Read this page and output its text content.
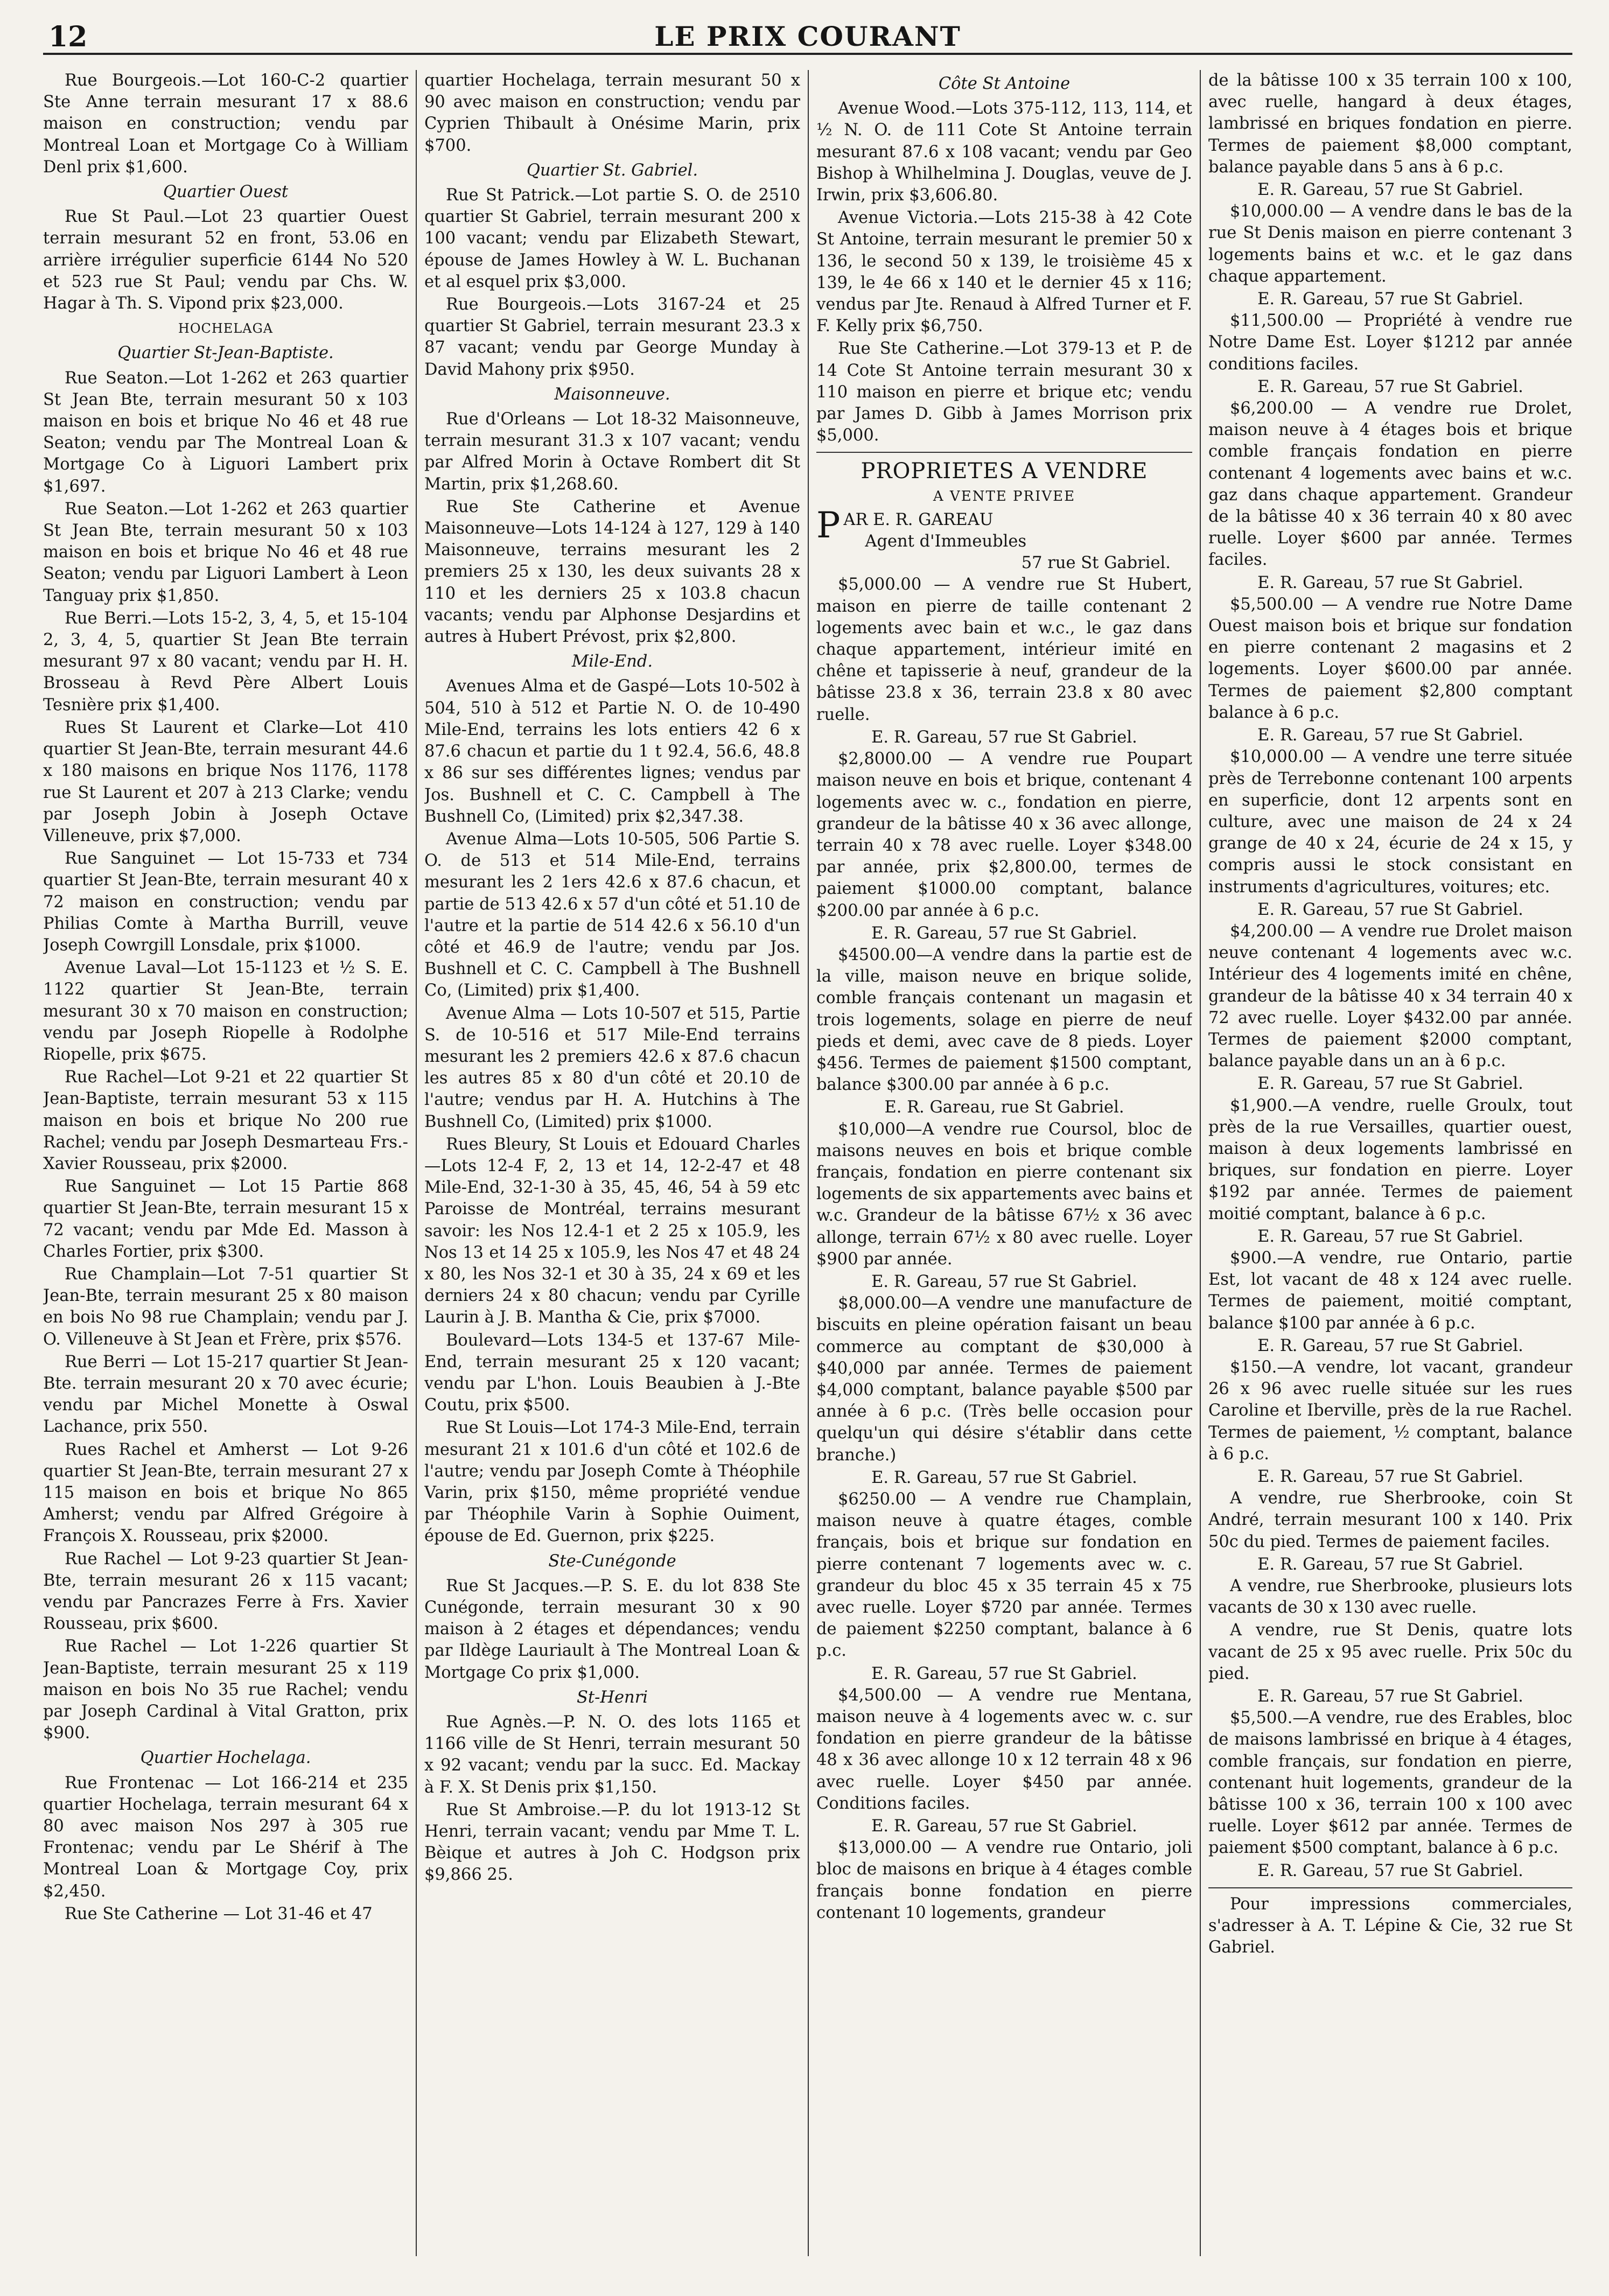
12	LE PRIX COURANT

Rue Bourgeois.—Lot 160-C-2 quartier Ste Anne terrain mesurant 17 x 88.6 maison en construction; vendu par Montreal Loan et Mortgage Co à William Denl prix $1,600.

Quartier Ouest

Rue St Paul.—Lot 23 quartier Ouest terrain mesurant 52 en front, 53.06 en arrière irrégulier superficie 6144 No 520 et 523 rue St Paul; vendu par Chs. W. Hagar à Th. S. Vipond prix $23,000.

HOCHELAGA

Quartier St-Jean-Baptiste.

Rue Seaton.—Lot 1-262 et 263 quartier St Jean Bte, terrain mesurant 50 x 103 maison en bois et brique No 46 et 48 rue Seaton; vendu par The Montreal Loan & Mortgage Co à Liguori Lambert prix $1,697.

Rue Seaton.—Lot 1-262 et 263 quartier St Jean Bte, terrain mesurant 50 x 103 maison en bois et brique No 46 et 48 rue Seaton; vendu par Liguori Lambert à Leon Tanguay prix $1,850.

Rue Berri.—Lots 15-2, 3, 4, 5, et 15-104 2, 3, 4, 5, quartier St Jean Bte terrain mesurant 97 x 80 vacant; vendu par H. H. Brosseau à Revd Père Albert Louis Tesnière prix $1,400.

Rues St Laurent et Clarke—Lot 410 quartier St Jean-Bte, terrain mesurant 44.6 x 180 maisons en brique Nos 1176, 1178 rue St Laurent et 207 à 213 Clarke; vendu par Joseph Jobin à Joseph Octave Villeneuve, prix $7,000.

Rue Sanguinet — Lot 15-733 et 734 quartier St Jean-Bte, terrain mesurant 40 x 72 maison en construction; vendu par Philias Comte à Martha Burrill, veuve Joseph Cowrgill Lonsdale, prix $1000.

Avenue Laval—Lot 15-1123 et ½ S. E. 1122 quartier St Jean-Bte, terrain mesurant 30 x 70 maison en construction; vendu par Joseph Riopelle à Rodolphe Riopelle, prix $675.

Rue Rachel—Lot 9-21 et 22 quartier St Jean-Baptiste, terrain mesurant 53 x 115 maison en bois et brique No 200 rue Rachel; vendu par Joseph Desmarteau Frs.-Xavier Rousseau, prix $2000.

Rue Sanguinet — Lot 15 Partie 868 quartier St Jean-Bte, terrain mesurant 15 x 72 vacant; vendu par Mde Ed. Masson à Charles Fortier, prix $300.

Rue Champlain—Lot 7-51 quartier St Jean-Bte, terrain mesurant 25 x 80 maison en bois No 98 rue Champlain; vendu par J. O. Villeneuve à St Jean et Frère, prix $576.

Rue Berri — Lot 15-217 quartier St Jean-Bte. terrain mesurant 20 x 70 avec écurie; vendu par Michel Monette à Oswal Lachance, prix 550.

Rues Rachel et Amherst — Lot 9-26 quartier St Jean-Bte, terrain mesurant 27 x 115 maison en bois et brique No 865 Amherst; vendu par Alfred Grégoire à François X. Rousseau, prix $2000.

Rue Rachel — Lot 9-23 quartier St Jean-Bte, terrain mesurant 26 x 115 vacant; vendu par Pancrazes Ferre à Frs. Xavier Rousseau, prix $600.

Rue Rachel — Lot 1-226 quartier St Jean-Baptiste, terrain mesurant 25 x 119 maison en bois No 35 rue Rachel; vendu par Joseph Cardinal à Vital Gratton, prix $900.

Quartier Hochelaga.

Rue Frontenac — Lot 166-214 et 235 quartier Hochelaga, terrain mesurant 64 x 80 avec maison Nos 297 à 305 rue Frontenac; vendu par Le Shérif à The Montreal Loan & Mortgage Coy, prix $2,450.

Rue Ste Catherine — Lot 31-46 et 47

quartier Hochelaga, terrain mesurant 50 x 90 avec maison en construction; vendu par Cyprien Thibault à Onésime Marin, prix $700.

Quartier St. Gabriel.

Rue St Patrick.—Lot partie S. O. de 2510 quartier St Gabriel, terrain mesurant 200 x 100 vacant; vendu par Elizabeth Stewart, épouse de James Howley à W. L. Buchanan et al esquel prix $3,000.

Rue Bourgeois.—Lots 3167-24 et 25 quartier St Gabriel, terrain mesurant 23.3 x 87 vacant; vendu par George Munday à David Mahony prix $950.

Maisonneuve.

Rue d'Orleans — Lot 18-32 Maisonneuve, terrain mesurant 31.3 x 107 vacant; vendu par Alfred Morin à Octave Rombert dit St Martin, prix $1,268.60.

Rue Ste Catherine et Avenue Maisonneuve—Lots 14-124 à 127, 129 à 140 Maisonneuve, terrains mesurant les 2 premiers 25 x 130, les deux suivants 28 x 110 et les derniers 25 x 103.8 chacun vacants; vendu par Alphonse Desjardins et autres à Hubert Prévost, prix $2,800.

Mile-End.

Avenues Alma et de Gaspé—Lots 10-502 à 504, 510 à 512 et Partie N. O. de 10-490 Mile-End, terrains les lots entiers 42 6 x 87.6 chacun et partie du 1 t 92.4, 56.6, 48.8 x 86 sur ses différentes lignes; vendus par Jos. Bushnell et C. C. Campbell à The Bushnell Co, (Limited) prix $2,347.38.

Avenue Alma—Lots 10-505, 506 Partie S. O. de 513 et 514 Mile-End, terrains mesurant les 2 1ers 42.6 x 87.6 chacun, et partie de 513 42.6 x 57 d'un côté et 51.10 de l'autre et la partie de 514 42.6 x 56.10 d'un côté et 46.9 de l'autre; vendu par Jos. Bushnell et C. C. Campbell à The Bushnell Co, (Limited) prix $1,400.

Avenue Alma — Lots 10-507 et 515, Partie S. de 10-516 et 517 Mile-End terrains mesurant les 2 premiers 42.6 x 87.6 chacun les autres 85 x 80 d'un côté et 20.10 de l'autre; vendus par H. A. Hutchins à The Bushnell Co, (Limited) prix $1000.

Rues Bleury, St Louis et Edouard Charles—Lots 12-4 F, 2, 13 et 14, 12-2-47 et 48 Mile-End, 32-1-30 à 35, 45, 46, 54 à 59 etc Paroisse de Montréal, terrains mesurant savoir: les Nos 12.4-1 et 2 25 x 105.9, les Nos 13 et 14 25 x 105.9, les Nos 47 et 48 24 x 80, les Nos 32-1 et 30 à 35, 24 x 69 et les derniers 24 x 80 chacun; vendu par Cyrille Laurin à J. B. Mantha & Cie, prix $7000.

Boulevard—Lots 134-5 et 137-67 Mile-End, terrain mesurant 25 x 120 vacant; vendu par L'hon. Louis Beaubien à J.-Bte Coutu, prix $500.

Rue St Louis—Lot 174-3 Mile-End, terrain mesurant 21 x 101.6 d'un côté et 102.6 de l'autre; vendu par Joseph Comte à Théophile Varin, prix $150, même propriété vendue par Théophile Varin à Sophie Ouiment, épouse de Ed. Guernon, prix $225.

Ste-Cunégonde

Rue St Jacques.—P. S. E. du lot 838 Ste Cunégonde, terrain mesurant 30 x 90 maison à 2 étages et dépendances; vendu par Ildège Lauriault à The Montreal Loan & Mortgage Co prix $1,000.

St-Henri

Rue Agnès.—P. N. O. des lots 1165 et 1166 ville de St Henri, terrain mesurant 50 x 92 vacant; vendu par la succ. Ed. Mackay à F. X. St Denis prix $1,150.

Rue St Ambroise.—P. du lot 1913-12 St Henri, terrain vacant; vendu par Mme T. L. Bèique et autres à Joh C. Hodgson prix $9,866 25.

Côte St Antoine

Avenue Wood.—Lots 375-112, 113, 114, et ½ N. O. de 111 Cote St Antoine terrain mesurant 87.6 x 108 vacant; vendu par Geo Bishop à Whilhelmina J. Douglas, veuve de J. Irwin, prix $3,606.80.

Avenue Victoria.—Lots 215-38 à 42 Cote St Antoine, terrain mesurant le premier 50 x 136, le second 50 x 139, le troisième 45 x 139, le 4e 66 x 140 et le dernier 45 x 116; vendus par Jte. Renaud à Alfred Turner et F. F. Kelly prix $6,750.

Rue Ste Catherine.—Lot 379-13 et P. de 14 Cote St Antoine terrain mesurant 30 x 110 maison en pierre et brique etc; vendu par James D. Gibb à James Morrison prix $5,000.

PROPRIETES A VENDRE

A VENTE PRIVEE

P AR E. R. GAREAU
Agent d'Immeubles

57 rue St Gabriel.

$5,000.00 — A vendre rue St Hubert, maison en pierre de taille contenant 2 logements avec bain et w.c., le gaz dans chaque appartement, intérieur imité en chêne et tapisserie à neuf, grandeur de la bâtisse 23.8 x 36, terrain 23.8 x 80 avec ruelle.

E. R. Gareau, 57 rue St Gabriel.

$2,8000.00 — A vendre rue Poupart maison neuve en bois et brique, contenant 4 logements avec w. c., fondation en pierre, grandeur de la bâtisse 40 x 36 avec allonge, terrain 40 x 78 avec ruelle. Loyer $348.00 par année, prix $2,800.00, termes de paiement $1000.00 comptant, balance $200.00 par année à 6 p.c.

E. R. Gareau, 57 rue St Gabriel.

$4500.00—A vendre dans la partie est de la ville, maison neuve en brique solide, comble français contenant un magasin et trois logements, solage en pierre de neuf pieds et demi, avec cave de 8 pieds. Loyer $456. Termes de paiement $1500 comptant, balance $300.00 par année à 6 p.c.

E. R. Gareau, rue St Gabriel.

$10,000—A vendre rue Coursol, bloc de maisons neuves en bois et brique comble français, fondation en pierre contenant six logements de six appartements avec bains et w.c. Grandeur de la bâtisse 67½ x 36 avec allonge, terrain 67½ x 80 avec ruelle. Loyer $900 par année.

E. R. Gareau, 57 rue St Gabriel.

$8,000.00—A vendre une manufacture de biscuits en pleine opération faisant un beau commerce au comptant de $30,000 à $40,000 par année. Termes de paiement $4,000 comptant, balance payable $500 par année à 6 p.c. (Très belle occasion pour quelqu'un qui désire s'établir dans cette branche.)

E. R. Gareau, 57 rue St Gabriel.

$6250.00 — A vendre rue Champlain, maison neuve à quatre étages, comble français, bois et brique sur fondation en pierre contenant 7 logements avec w. c. grandeur du bloc 45 x 35 terrain 45 x 75 avec ruelle. Loyer $720 par année. Termes de paiement $2250 comptant, balance à 6 p.c.

E. R. Gareau, 57 rue St Gabriel.

$4,500.00 — A vendre rue Mentana, maison neuve à 4 logements avec w. c. sur fondation en pierre grandeur de la bâtisse 48 x 36 avec allonge 10 x 12 terrain 48 x 96 avec ruelle. Loyer $450 par année. Conditions faciles.

E. R. Gareau, 57 rue St Gabriel.

$13,000.00 — A vendre rue Ontario, joli bloc de maisons en brique à 4 étages comble français bonne fondation en pierre contenant 10 logements, grandeur

de la bâtisse 100 x 35 terrain 100 x 100, avec ruelle, hangard à deux étages, lambrissé en briques fondation en pierre. Termes de paiement $8,000 comptant, balance payable dans 5 ans à 6 p.c.

E. R. Gareau, 57 rue St Gabriel.

$10,000.00 — A vendre dans le bas de la rue St Denis maison en pierre contenant 3 logements bains et w.c. et le gaz dans chaque appartement.

E. R. Gareau, 57 rue St Gabriel.

$11,500.00 — Propriété à vendre rue Notre Dame Est. Loyer $1212 par année conditions faciles.

E. R. Gareau, 57 rue St Gabriel.

$6,200.00 — A vendre rue Drolet, maison neuve à 4 étages bois et brique comble français fondation en pierre contenant 4 logements avec bains et w.c. gaz dans chaque appartement. Grandeur de la bâtisse 40 x 36 terrain 40 x 80 avec ruelle. Loyer $600 par année. Termes faciles.

E. R. Gareau, 57 rue St Gabriel.

$5,500.00 — A vendre rue Notre Dame Ouest maison bois et brique sur fondation en pierre contenant 2 magasins et 2 logements. Loyer $600.00 par année. Termes de paiement $2,800 comptant balance à 6 p.c.

E. R. Gareau, 57 rue St Gabriel.

$10,000.00 — A vendre une terre située près de Terrebonne contenant 100 arpents en superficie, dont 12 arpents sont en culture, avec une maison de 24 x 24 grange de 40 x 24, écurie de 24 x 15, y compris aussi le stock consistant en instruments d'agricultures, voitures; etc.

E. R. Gareau, 57 rue St Gabriel.

$4,200.00 — A vendre rue Drolet maison neuve contenant 4 logements avec w.c. Intérieur des 4 logements imité en chêne, grandeur de la bâtisse 40 x 34 terrain 40 x 72 avec ruelle. Loyer $432.00 par année. Termes de paiement $2000 comptant, balance payable dans un an à 6 p.c.

E. R. Gareau, 57 rue St Gabriel.

$1,900.—A vendre, ruelle Groulx, tout près de la rue Versailles, quartier ouest, maison à deux logements lambrissé en briques, sur fondation en pierre. Loyer $192 par année. Termes de paiement moitié comptant, balance à 6 p.c.

E. R. Gareau, 57 rue St Gabriel.

$900.—A vendre, rue Ontario, partie Est, lot vacant de 48 x 124 avec ruelle. Termes de paiement, moitié comptant, balance $100 par année à 6 p.c.

E. R. Gareau, 57 rue St Gabriel.

$150.—A vendre, lot vacant, grandeur 26 x 96 avec ruelle située sur les rues Caroline et Iberville, près de la rue Rachel. Termes de paiement, ½ comptant, balance à 6 p.c.

E. R. Gareau, 57 rue St Gabriel.

A vendre, rue Sherbrooke, coin St André, terrain mesurant 100 x 140. Prix 50c du pied. Termes de paiement faciles.

E. R. Gareau, 57 rue St Gabriel.

A vendre, rue Sherbrooke, plusieurs lots vacants de 30 x 130 avec ruelle.

A vendre, rue St Denis, quatre lots vacant de 25 x 95 avec ruelle. Prix 50c du pied.

E. R. Gareau, 57 rue St Gabriel.

$5,500.—A vendre, rue des Erables, bloc de maisons lambrissé en brique à 4 étages, comble français, sur fondation en pierre, contenant huit logements, grandeur de la bâtisse 100 x 36, terrain 100 x 100 avec ruelle. Loyer $612 par année. Termes de paiement $500 comptant, balance à 6 p.c.

E. R. Gareau, 57 rue St Gabriel.

Pour impressions commerciales, s'adresser à A. T. Lépine & Cie, 32 rue St Gabriel.
